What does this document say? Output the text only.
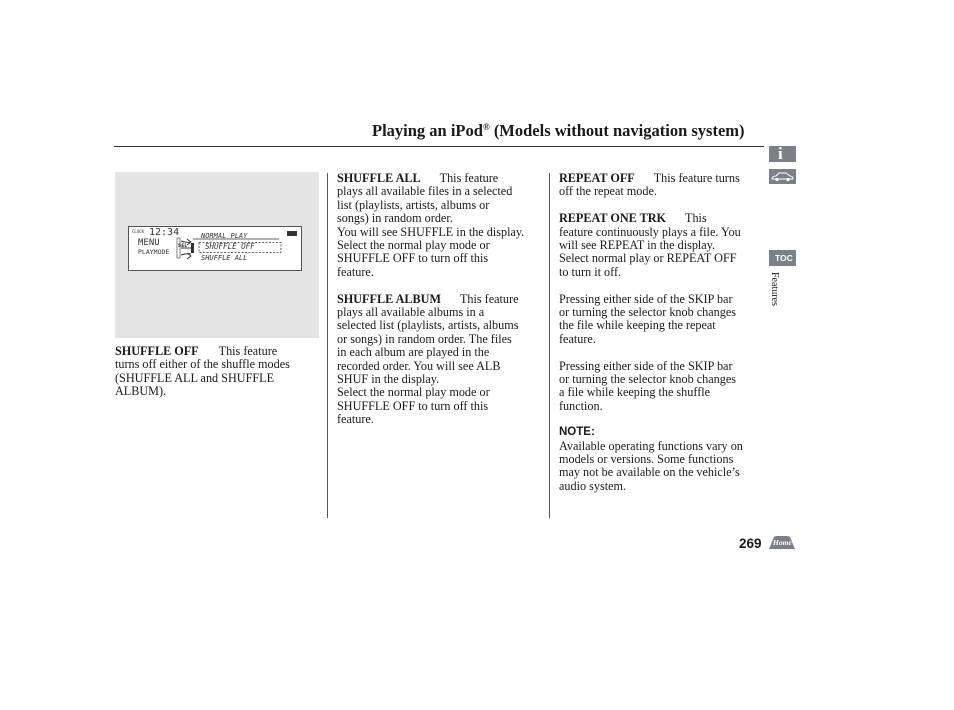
Playing an iPod® (Models without navigation system)
CLOCK 12:34
MENU
PLAYMODE
SEL
NORMAL PLAY
SHUFFLE OFF
SHUFFLE ALL

SHUFFLE OFF This feature
turns off either of the shuffle modes
(SHUFFLE ALL and SHUFFLE
ALBUM).

SHUFFLE ALL This feature
plays all available files in a selected
list (playlists, artists, albums or
songs) in random order.
You will see SHUFFLE in the display.
Select the normal play mode or
SHUFFLE OFF to turn off this
feature.

SHUFFLE ALBUM This feature
plays all available albums in a
selected list (playlists, artists, albums
or songs) in random order. The files
in each album are played in the
recorded order. You will see ALB
SHUF in the display.
Select the normal play mode or
SHUFFLE OFF to turn off this
feature.

REPEAT OFF This feature turns
off the repeat mode.

REPEAT ONE TRK This
feature continuously plays a file. You
will see REPEAT in the display.
Select normal play or REPEAT OFF
to turn it off.

Pressing either side of the SKIP bar
or turning the selector knob changes
the file while keeping the repeat
feature.

Pressing either side of the SKIP bar
or turning the selector knob changes
a file while keeping the shuffle
function.

NOTE:

Available operating functions vary on
models or versions. Some functions
may not be available on the vehicle’s
audio system.

i
TOC
Features
269 Home
